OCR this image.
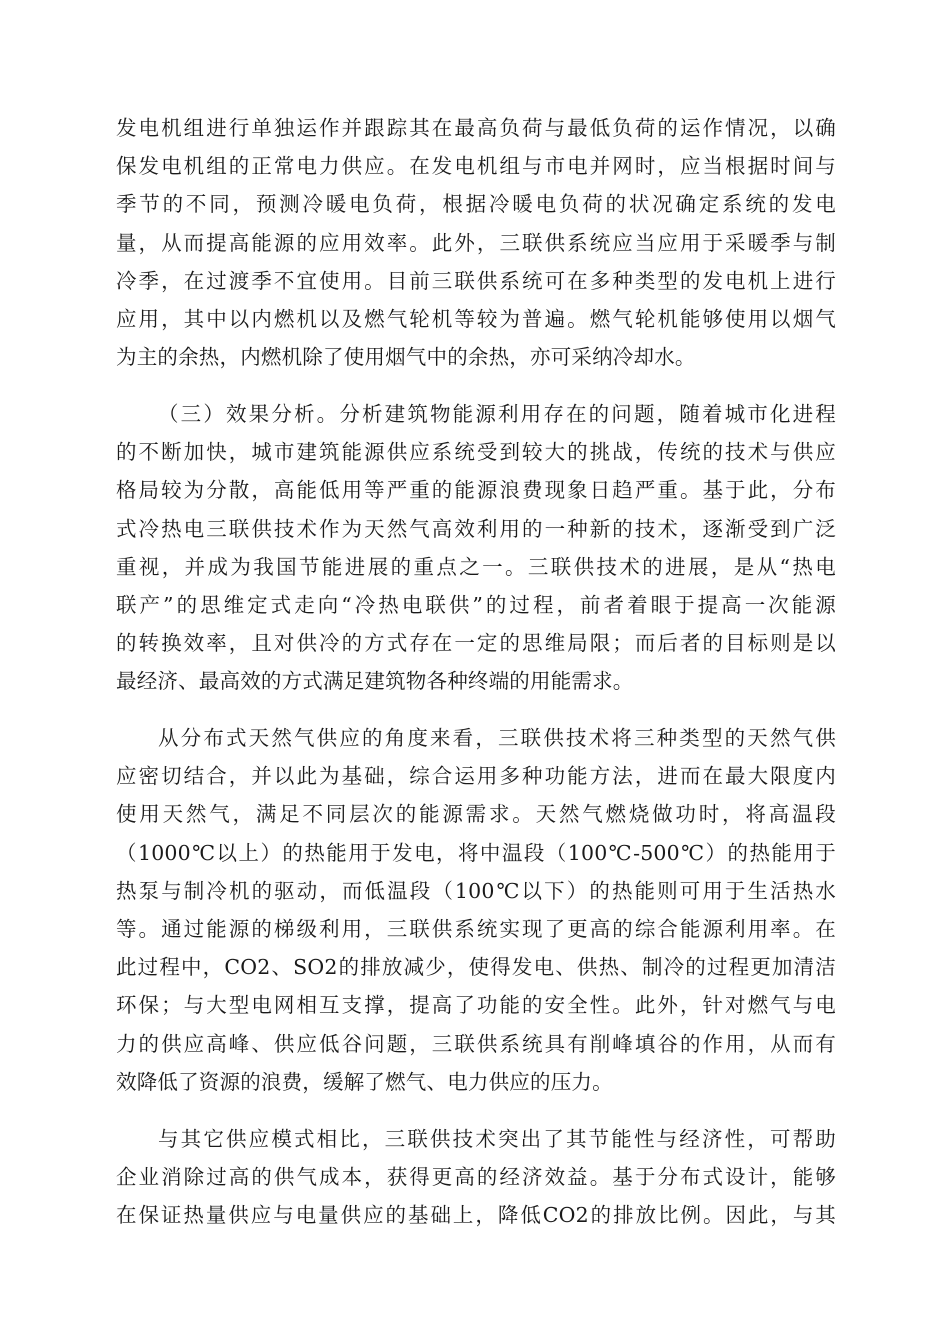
发电机组进行单独运作并跟踪其在最高负荷与最低负荷的运作情况，以确
保发电机组的正常电力供应。在发电机组与市电并网时，应当根据时间与
季节的不同，预测冷暖电负荷，根据冷暖电负荷的状况确定系统的发电
量，从而提高能源的应用效率。此外，三联供系统应当应用于采暖季与制
冷季，在过渡季不宜使用。目前三联供系统可在多种类型的发电机上进行
应用，其中以内燃机以及燃气轮机等较为普遍。燃气轮机能够使用以烟气
为主的余热，内燃机除了使用烟气中的余热，亦可采纳冷却水。

（三）效果分析。分析建筑物能源利用存在的问题，随着城市化进程
的不断加快，城市建筑能源供应系统受到较大的挑战，传统的技术与供应
格局较为分散，高能低用等严重的能源浪费现象日趋严重。基于此，分布
式冷热电三联供技术作为天然气高效利用的一种新的技术，逐渐受到广泛
重视，并成为我国节能进展的重点之一。三联供技术的进展，是从“热电
联产”的思维定式走向“冷热电联供”的过程，前者着眼于提高一次能源
的转换效率，且对供冷的方式存在一定的思维局限；而后者的目标则是以
最经济、最高效的方式满足建筑物各种终端的用能需求。

从分布式天然气供应的角度来看，三联供技术将三种类型的天然气供
应密切结合，并以此为基础，综合运用多种功能方法，进而在最大限度内
使用天然气，满足不同层次的能源需求。天然气燃烧做功时，将高温段
（1000℃以上）的热能用于发电，将中温段（100℃-500℃）的热能用于
热泵与制冷机的驱动，而低温段（100℃以下）的热能则可用于生活热水
等。通过能源的梯级利用，三联供系统实现了更高的综合能源利用率。在
此过程中，CO2、SO2的排放减少，使得发电、供热、制冷的过程更加清洁
环保；与大型电网相互支撑，提高了功能的安全性。此外，针对燃气与电
力的供应高峰、供应低谷问题，三联供系统具有削峰填谷的作用，从而有
效降低了资源的浪费，缓解了燃气、电力供应的压力。

与其它供应模式相比，三联供技术突出了其节能性与经济性，可帮助
企业消除过高的供气成本，获得更高的经济效益。基于分布式设计，能够
在保证热量供应与电量供应的基础上，降低CO2的排放比例。因此，与其
